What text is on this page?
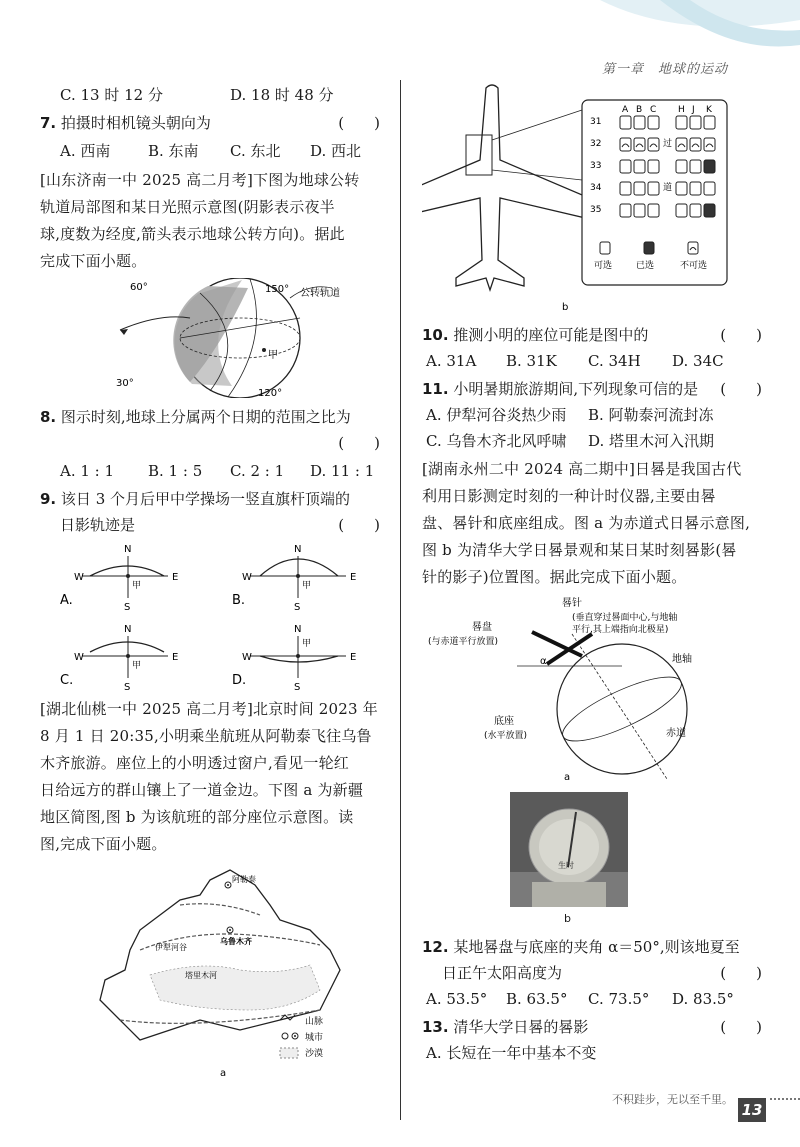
第一章　地球的运动
C. 13 时 12 分	D. 18 时 48 分
7. 拍摄时相机镜头朝向为	(　　)
A. 西南	B. 东南 C. 东北 D. 西北
[山东济南一中 2025 高二月考]下图为地球公转
轨道局部图和某日光照示意图(阴影表示夜半
球,度数为经度,箭头表示地球公转方向)。据此
完成下面小题。
60°	150°
30°
120°
公转轨道
甲
8. 图示时刻,地球上分属两个日期的范围之比为
(　　)
A. 1 : 1 B. 1 : 5 C. 2 : 1 D. 11 : 1
9. 该日 3 个月后甲中学操场一竖直旗杆顶端的
日影轨迹是	(　　)
N
W	E
S
甲
A.
N
W	E
S
甲
B.
N
W	E
S
甲
C.
N
W	E
S
甲
D.
[湖北仙桃一中 2025 高二月考]北京时间 2023 年
8 月 1 日 20:35,小明乘坐航班从阿勒泰飞往乌鲁
木齐旅游。座位上的小明透过窗户,看见一轮红
日给远方的群山镶上了一道金边。下图 a 为新疆
地区简图,图 b 为该航班的部分座位示意图。读
图,完成下面小题。
阿勒泰
乌鲁木齐
伊犁河谷
塔里木河
山脉
城市
沙漠
a
A B C H J K
31
32
33
34
35
过
道
可选	已选	不可选
b
10. 推测小明的座位可能是图中的	(　　)
A. 31A B. 31K C. 34H D. 34C
11. 小明暑期旅游期间,下列现象可信的是 (　　)
A. 伊犁河谷炎热少雨 B. 阿勒泰河流封冻
C. 乌鲁木齐北风呼啸 D. 塔里木河入汛期
[湖南永州二中 2024 高二期中]日晷是我国古代
利用日影测定时刻的一种计时仪器,主要由晷
盘、晷针和底座组成。图 a 为赤道式日晷示意图,
图 b 为清华大学日晷景观和某日某时刻晷影(晷
针的影子)位置图。据此完成下面小题。
α
晷针
(垂直穿过晷面中心,与地轴
平行,其上端指向北极星)
晷盘
(与赤道平行放置)
地轴
赤道
底座
(水平放置)
a
生时
b
12. 某地晷盘与底座的夹角 α＝50°,则该地夏至
日正午太阳高度为	(　　)
A. 53.5° B. 63.5° C. 73.5° D. 83.5°
13. 清华大学日晷的晷影	(　　)
A. 长短在一年中基本不变
不积跬步，无以至千里。
13
